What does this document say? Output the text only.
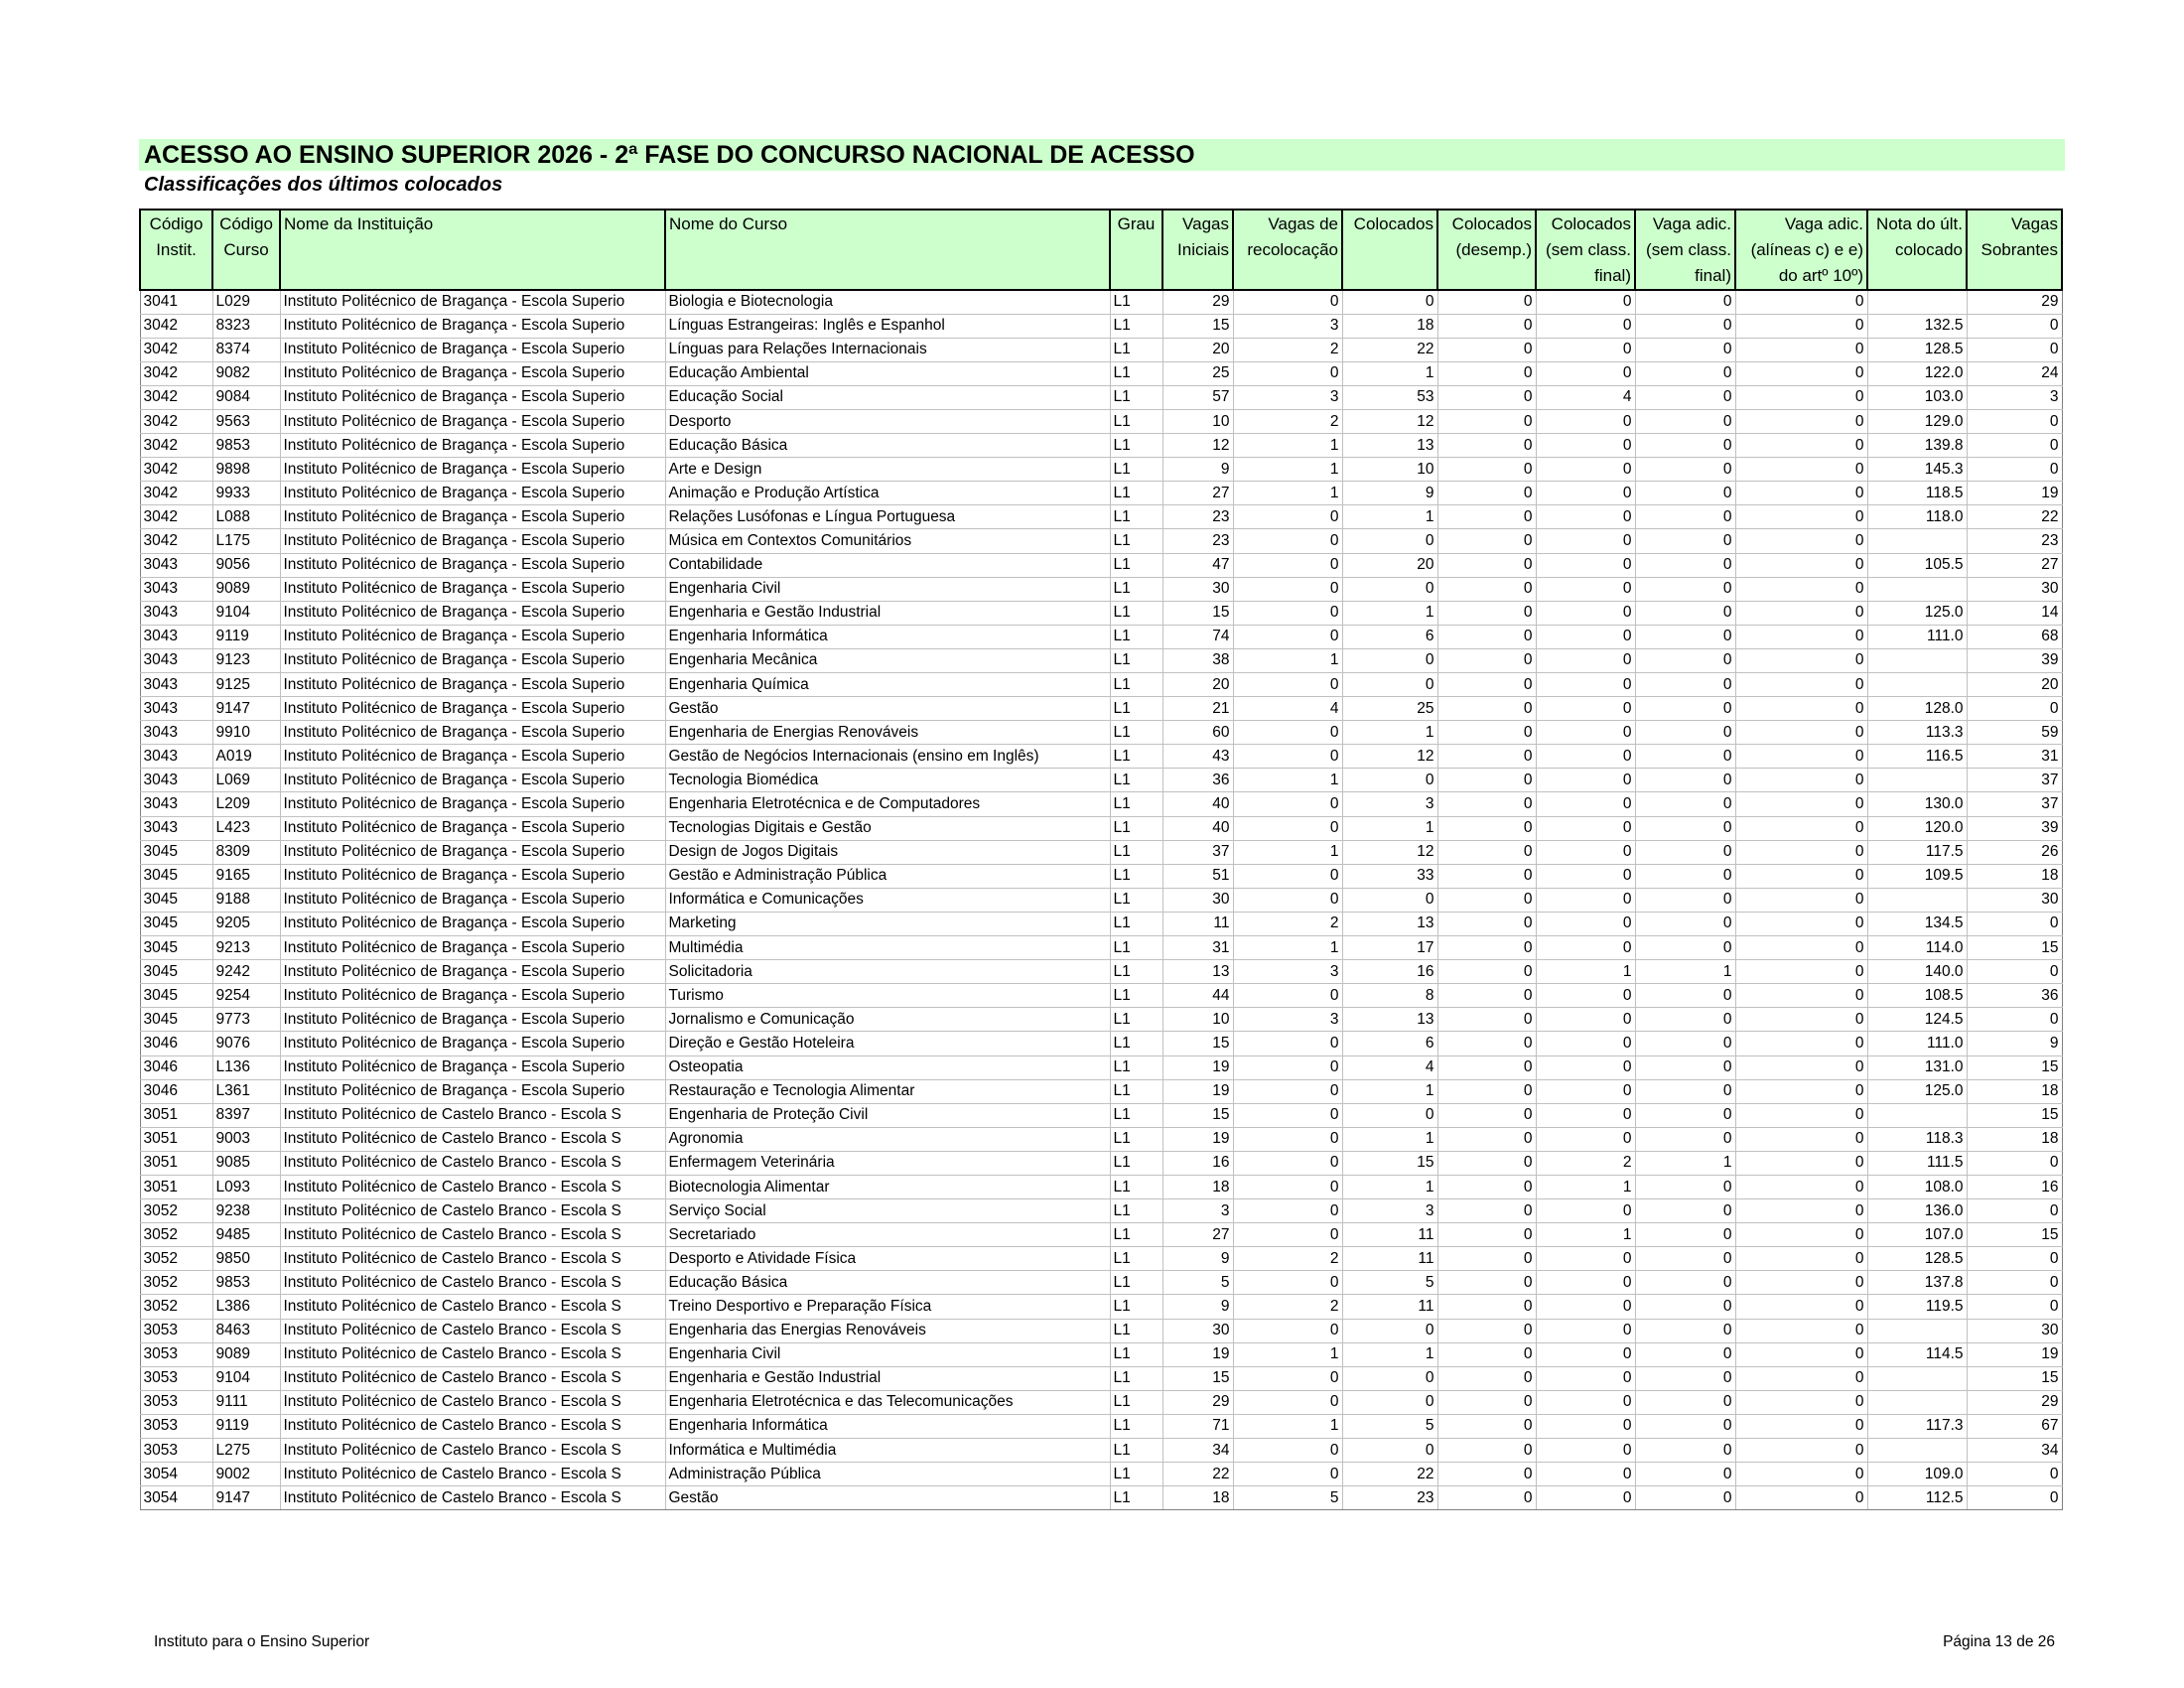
ACESSO AO ENSINO SUPERIOR 2026 - 2ª FASE DO CONCURSO NACIONAL DE ACESSO
Classificações dos últimos colocados
Código Instit.	Código Curso	Nome da Instituição	Nome do Curso	Grau	Vagas Iniciais	Vagas de recolocação	Colocados	Colocados (desemp.)	Colocados (sem class. final)	Vaga adic. (sem class. final)	Vaga adic. (alíneas c) e e) do artº 10º)	Nota do últ. colocado	Vagas Sobrantes
3041	L029	Instituto Politécnico de Bragança - Escola Superio	Biologia e Biotecnologia	L1	29	0	0	0	0	0	0		29
3042	8323	Instituto Politécnico de Bragança - Escola Superio	Línguas Estrangeiras: Inglês e Espanhol	L1	15	3	18	0	0	0	0	132.5	0
3042	8374	Instituto Politécnico de Bragança - Escola Superio	Línguas para Relações Internacionais	L1	20	2	22	0	0	0	0	128.5	0
3042	9082	Instituto Politécnico de Bragança - Escola Superio	Educação Ambiental	L1	25	0	1	0	0	0	0	122.0	24
3042	9084	Instituto Politécnico de Bragança - Escola Superio	Educação Social	L1	57	3	53	0	4	0	0	103.0	3
3042	9563	Instituto Politécnico de Bragança - Escola Superio	Desporto	L1	10	2	12	0	0	0	0	129.0	0
3042	9853	Instituto Politécnico de Bragança - Escola Superio	Educação Básica	L1	12	1	13	0	0	0	0	139.8	0
3042	9898	Instituto Politécnico de Bragança - Escola Superio	Arte e Design	L1	9	1	10	0	0	0	0	145.3	0
3042	9933	Instituto Politécnico de Bragança - Escola Superio	Animação e Produção Artística	L1	27	1	9	0	0	0	0	118.5	19
3042	L088	Instituto Politécnico de Bragança - Escola Superio	Relações Lusófonas e Língua Portuguesa	L1	23	0	1	0	0	0	0	118.0	22
3042	L175	Instituto Politécnico de Bragança - Escola Superio	Música em Contextos Comunitários	L1	23	0	0	0	0	0	0		23
3043	9056	Instituto Politécnico de Bragança - Escola Superio	Contabilidade	L1	47	0	20	0	0	0	0	105.5	27
3043	9089	Instituto Politécnico de Bragança - Escola Superio	Engenharia Civil	L1	30	0	0	0	0	0	0		30
3043	9104	Instituto Politécnico de Bragança - Escola Superio	Engenharia e Gestão Industrial	L1	15	0	1	0	0	0	0	125.0	14
3043	9119	Instituto Politécnico de Bragança - Escola Superio	Engenharia Informática	L1	74	0	6	0	0	0	0	111.0	68
3043	9123	Instituto Politécnico de Bragança - Escola Superio	Engenharia Mecânica	L1	38	1	0	0	0	0	0		39
3043	9125	Instituto Politécnico de Bragança - Escola Superio	Engenharia Química	L1	20	0	0	0	0	0	0		20
3043	9147	Instituto Politécnico de Bragança - Escola Superio	Gestão	L1	21	4	25	0	0	0	0	128.0	0
3043	9910	Instituto Politécnico de Bragança - Escola Superio	Engenharia de Energias Renováveis	L1	60	0	1	0	0	0	0	113.3	59
3043	A019	Instituto Politécnico de Bragança - Escola Superio	Gestão de Negócios Internacionais (ensino em Inglês)	L1	43	0	12	0	0	0	0	116.5	31
3043	L069	Instituto Politécnico de Bragança - Escola Superio	Tecnologia Biomédica	L1	36	1	0	0	0	0	0		37
3043	L209	Instituto Politécnico de Bragança - Escola Superio	Engenharia Eletrotécnica e de Computadores	L1	40	0	3	0	0	0	0	130.0	37
3043	L423	Instituto Politécnico de Bragança - Escola Superio	Tecnologias Digitais e Gestão	L1	40	0	1	0	0	0	0	120.0	39
3045	8309	Instituto Politécnico de Bragança - Escola Superio	Design de Jogos Digitais	L1	37	1	12	0	0	0	0	117.5	26
3045	9165	Instituto Politécnico de Bragança - Escola Superio	Gestão e Administração Pública	L1	51	0	33	0	0	0	0	109.5	18
3045	9188	Instituto Politécnico de Bragança - Escola Superio	Informática e Comunicações	L1	30	0	0	0	0	0	0		30
3045	9205	Instituto Politécnico de Bragança - Escola Superio	Marketing	L1	11	2	13	0	0	0	0	134.5	0
3045	9213	Instituto Politécnico de Bragança - Escola Superio	Multimédia	L1	31	1	17	0	0	0	0	114.0	15
3045	9242	Instituto Politécnico de Bragança - Escola Superio	Solicitadoria	L1	13	3	16	0	1	1	0	140.0	0
3045	9254	Instituto Politécnico de Bragança - Escola Superio	Turismo	L1	44	0	8	0	0	0	0	108.5	36
3045	9773	Instituto Politécnico de Bragança - Escola Superio	Jornalismo e Comunicação	L1	10	3	13	0	0	0	0	124.5	0
3046	9076	Instituto Politécnico de Bragança - Escola Superio	Direção e Gestão Hoteleira	L1	15	0	6	0	0	0	0	111.0	9
3046	L136	Instituto Politécnico de Bragança - Escola Superio	Osteopatia	L1	19	0	4	0	0	0	0	131.0	15
3046	L361	Instituto Politécnico de Bragança - Escola Superio	Restauração e Tecnologia Alimentar	L1	19	0	1	0	0	0	0	125.0	18
3051	8397	Instituto Politécnico de Castelo Branco - Escola S	Engenharia de Proteção Civil	L1	15	0	0	0	0	0	0		15
3051	9003	Instituto Politécnico de Castelo Branco - Escola S	Agronomia	L1	19	0	1	0	0	0	0	118.3	18
3051	9085	Instituto Politécnico de Castelo Branco - Escola S	Enfermagem Veterinária	L1	16	0	15	0	2	1	0	111.5	0
3051	L093	Instituto Politécnico de Castelo Branco - Escola S	Biotecnologia Alimentar	L1	18	0	1	0	1	0	0	108.0	16
3052	9238	Instituto Politécnico de Castelo Branco - Escola S	Serviço Social	L1	3	0	3	0	0	0	0	136.0	0
3052	9485	Instituto Politécnico de Castelo Branco - Escola S	Secretariado	L1	27	0	11	0	1	0	0	107.0	15
3052	9850	Instituto Politécnico de Castelo Branco - Escola S	Desporto e Atividade Física	L1	9	2	11	0	0	0	0	128.5	0
3052	9853	Instituto Politécnico de Castelo Branco - Escola S	Educação Básica	L1	5	0	5	0	0	0	0	137.8	0
3052	L386	Instituto Politécnico de Castelo Branco - Escola S	Treino Desportivo e Preparação Física	L1	9	2	11	0	0	0	0	119.5	0
3053	8463	Instituto Politécnico de Castelo Branco - Escola S	Engenharia das Energias Renováveis	L1	30	0	0	0	0	0	0		30
3053	9089	Instituto Politécnico de Castelo Branco - Escola S	Engenharia Civil	L1	19	1	1	0	0	0	0	114.5	19
3053	9104	Instituto Politécnico de Castelo Branco - Escola S	Engenharia e Gestão Industrial	L1	15	0	0	0	0	0	0		15
3053	9111	Instituto Politécnico de Castelo Branco - Escola S	Engenharia Eletrotécnica e das Telecomunicações	L1	29	0	0	0	0	0	0		29
3053	9119	Instituto Politécnico de Castelo Branco - Escola S	Engenharia Informática	L1	71	1	5	0	0	0	0	117.3	67
3053	L275	Instituto Politécnico de Castelo Branco - Escola S	Informática e Multimédia	L1	34	0	0	0	0	0	0		34
3054	9002	Instituto Politécnico de Castelo Branco - Escola S	Administração Pública	L1	22	0	22	0	0	0	0	109.0	0
3054	9147	Instituto Politécnico de Castelo Branco - Escola S	Gestão	L1	18	5	23	0	0	0	0	112.5	0
Instituto para o Ensino Superior	Página 13 de 26
